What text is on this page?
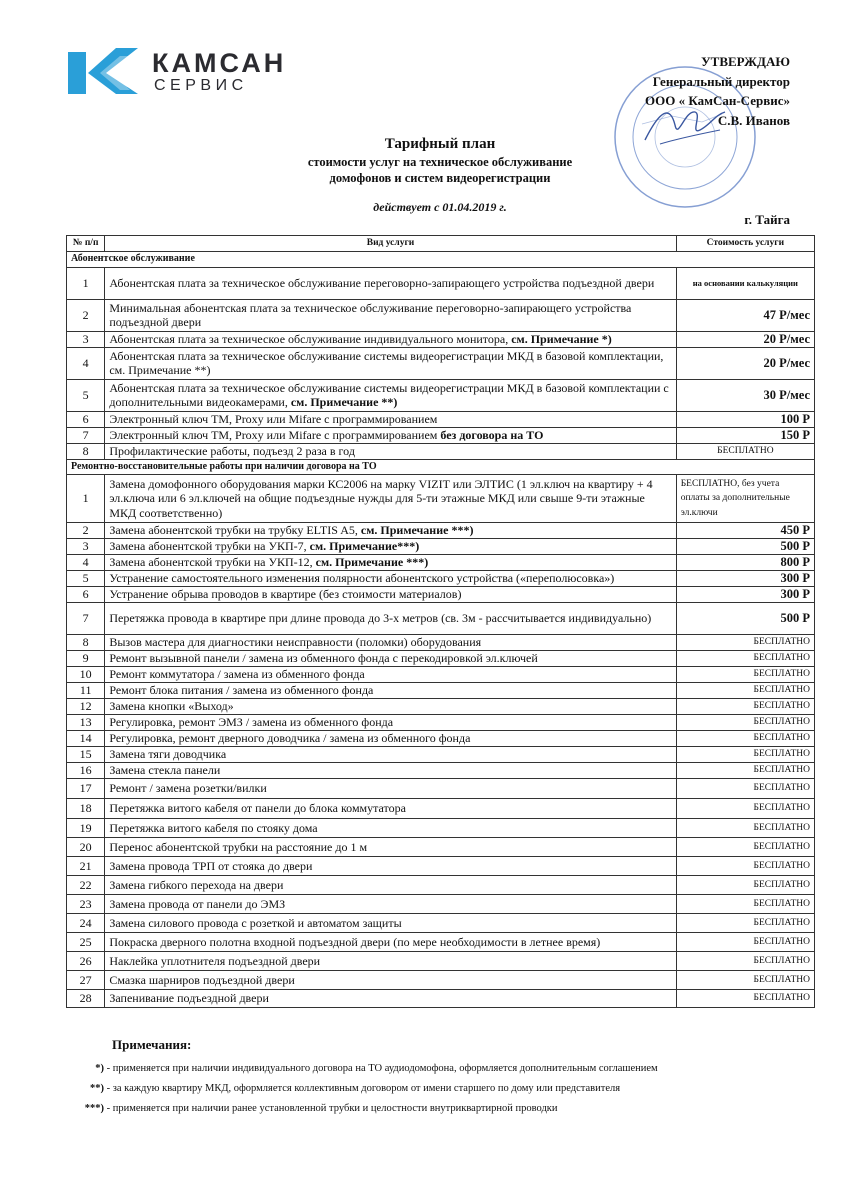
КАМСАН
СЕРВИС
УТВЕРЖДАЮ
Генеральный директор
ООО « КамСан-Сервис»
С.В. Иванов
Тарифный план
стоимости услуг на техническое обслуживание
домофонов и систем видеорегистрации
действует с 01.04.2019 г.
г. Тайга
№ п/п	Вид услуги	Стоимость услуги
Абонентское обслуживание		
1	Абонентская плата за техническое обслуживание переговорно-запирающего устройства подъездной двери	на основании калькуляции
2	Минимальная абонентская плата за техническое обслуживание переговорно-запирающего устройства подъездной двери	47 Р/мес
3	Абонентская плата за техническое обслуживание индивидуального монитора, см. Примечание *)	20 Р/мес
4	Абонентская плата за техническое обслуживание системы видеорегистрации МКД в базовой комплектации, см. Примечание **)	20 Р/мес
5	Абонентская плата за техническое обслуживание системы видеорегистрации МКД в базовой комплектации с дополнительными видеокамерами, см. Примечание **)	30 Р/мес
6	Электронный ключ ТМ, Proxy или Mifare с программированием	100 Р
7	Электронный ключ ТМ, Proxy или Mifare с программированием без договора на ТО	150 Р
8	Профилактические работы, подъезд 2 раза в год	БЕСПЛАТНО
Ремонтно-восстановительные работы при наличии договора на ТО		
1	Замена домофонного оборудования марки КС2006 на марку VIZIT или ЭЛТИС (1 эл.ключ на квартиру + 4 эл.ключа или 6 эл.ключей на общие подъездные нужды для 5-ти этажные МКД или свыше 9-ти этажные МКД соответственно)	БЕСПЛАТНО, без учета оплаты за дополнительные эл.ключи
2	Замена абонентской трубки на трубку ELTIS A5, см. Примечание ***)	450 Р
3	Замена абонентской трубки на УКП-7, см. Примечание***)	500 Р
4	Замена абонентской трубки на УКП-12, см. Примечание ***)	800 Р
5	Устранение самостоятельного изменения полярности абонентского устройства («переполюсовка»)	300 Р
6	Устранение обрыва проводов в квартире (без стоимости материалов)	300 Р
7	Перетяжка провода в квартире при длине провода до 3-х метров (св. 3м - рассчитывается индивидуально)	500 Р
8	Вызов мастера для диагностики неисправности (поломки) оборудования	БЕСПЛАТНО
9	Ремонт вызывной панели / замена из обменного фонда с перекодировкой эл.ключей	БЕСПЛАТНО
10	Ремонт коммутатора / замена из обменного фонда	БЕСПЛАТНО
11	Ремонт блока питания / замена из обменного фонда	БЕСПЛАТНО
12	Замена кнопки «Выход»	БЕСПЛАТНО
13	Регулировка, ремонт ЭМЗ / замена из обменного фонда	БЕСПЛАТНО
14	Регулировка, ремонт дверного доводчика / замена из обменного фонда	БЕСПЛАТНО
15	Замена тяги доводчика	БЕСПЛАТНО
16	Замена стекла панели	БЕСПЛАТНО
17	Ремонт / замена розетки/вилки	БЕСПЛАТНО
18	Перетяжка витого кабеля от панели до блока коммутатора	БЕСПЛАТНО
19	Перетяжка витого кабеля по стояку дома	БЕСПЛАТНО
20	Перенос абонентской трубки на расстояние до 1 м	БЕСПЛАТНО
21	Замена провода ТРП от стояка до двери	БЕСПЛАТНО
22	Замена гибкого перехода на двери	БЕСПЛАТНО
23	Замена провода от панели до ЭМЗ	БЕСПЛАТНО
24	Замена силового провода с розеткой и автоматом защиты	БЕСПЛАТНО
25	Покраска дверного полотна входной подъездной двери (по мере необходимости в летнее время)	БЕСПЛАТНО
26	Наклейка уплотнителя подъездной двери	БЕСПЛАТНО
27	Смазка шарниров подъездной двери	БЕСПЛАТНО
28	Запенивание подъездной двери	БЕСПЛАТНО
Примечания:
*) - применяется при наличии индивидуального договора на ТО аудиодомофона, оформляется дополнительным соглашением
**) - за каждую квартиру МКД, оформляется коллективным договором от имени старшего по дому или представителя
***) - применяется при наличии ранее установленной трубки и целостности внутриквартирной проводки
